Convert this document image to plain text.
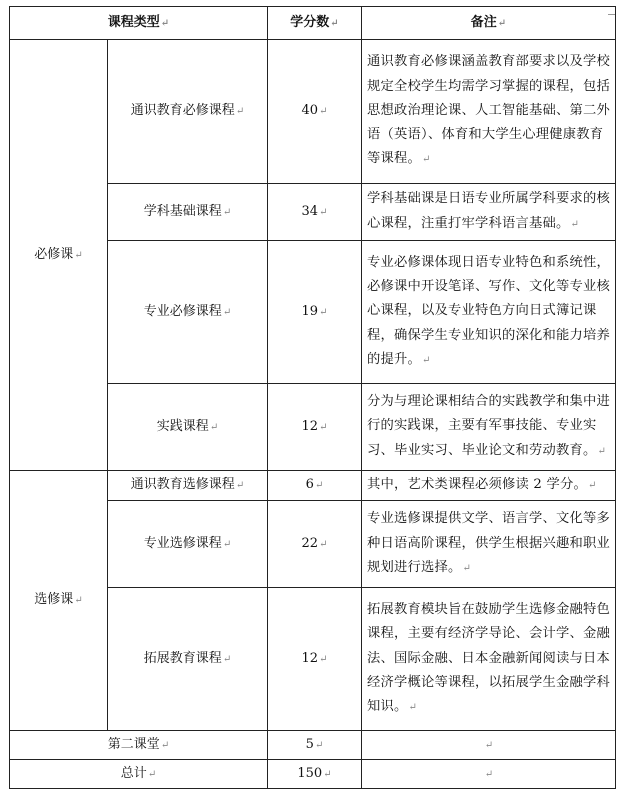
课程类型↵		学分数↵	备注↵
必修课↵	通识教育必修课程↵	40↵	通识教育必修课涵盖教育部要求以及学校规定全校学生均需学习掌握的课程，包括思想政治理论课、人工智能基础、第二外语（英语）、体育和大学生心理健康教育等课程。↵
	学科基础课程↵	34↵	学科基础课是日语专业所属学科要求的核心课程，注重打牢学科语言基础。↵
	专业必修课程↵	19↵	专业必修课体现日语专业特色和系统性，必修课中开设笔译、写作、文化等专业核心课程，以及专业特色方向日式簿记课程，确保学生专业知识的深化和能力培养的提升。↵
	实践课程↵	12↵	分为与理论课相结合的实践教学和集中进行的实践课，主要有军事技能、专业实习、毕业实习、毕业论文和劳动教育。↵
选修课↵	通识教育选修课程↵	6↵	其中，艺术类课程必须修读 2 学分。↵
	专业选修课程↵	22↵	专业选修课提供文学、语言学、文化等多种日语高阶课程，供学生根据兴趣和职业规划进行选择。↵
	拓展教育课程↵	12↵	拓展教育模块旨在鼓励学生选修金融特色课程，主要有经济学导论、会计学、金融法、国际金融、日本金融新闻阅读与日本经济学概论等课程，以拓展学生金融学科知识。↵
第二课堂↵		5↵	↵
总计↵		150↵	↵
